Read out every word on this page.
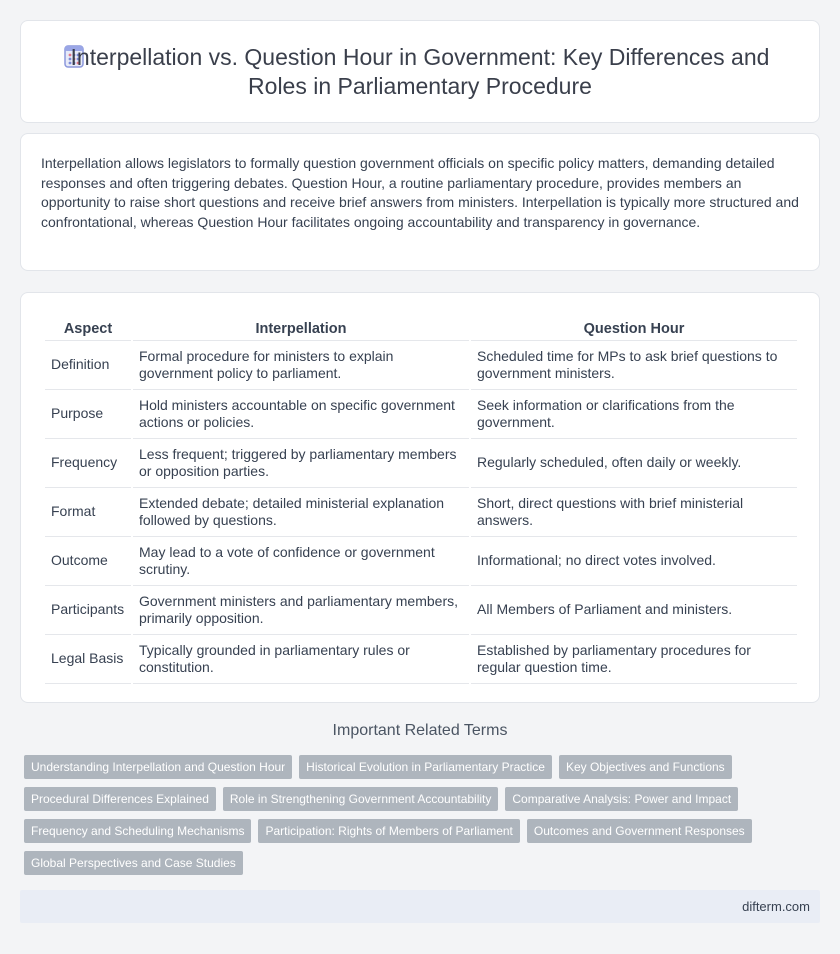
Interpellation vs. Question Hour in Government: Key Differences and Roles in Parliamentary Procedure

Interpellation allows legislators to formally question government officials on specific policy matters, demanding detailed responses and often triggering debates. Question Hour, a routine parliamentary procedure, provides members an opportunity to raise short questions and receive brief answers from ministers. Interpellation is typically more structured and confrontational, whereas Question Hour facilitates ongoing accountability and transparency in governance.

Aspect	Interpellation	Question Hour
Definition	Formal procedure for ministers to explain government policy to parliament.	Scheduled time for MPs to ask brief questions to government ministers.
Purpose	Hold ministers accountable on specific government actions or policies.	Seek information or clarifications from the government.
Frequency	Less frequent; triggered by parliamentary members or opposition parties.	Regularly scheduled, often daily or weekly.
Format	Extended debate; detailed ministerial explanation followed by questions.	Short, direct questions with brief ministerial answers.
Outcome	May lead to a vote of confidence or government scrutiny.	Informational; no direct votes involved.
Participants	Government ministers and parliamentary members, primarily opposition.	All Members of Parliament and ministers.
Legal Basis	Typically grounded in parliamentary rules or constitution.	Established by parliamentary procedures for regular question time.
Important Related Terms
Understanding Interpellation and Question Hour	Historical Evolution in Parliamentary Practice	Key Objectives and Functions
Procedural Differences Explained	Role in Strengthening Government Accountability	Comparative Analysis: Power and Impact
Frequency and Scheduling Mechanisms	Participation: Rights of Members of Parliament	Outcomes and Government Responses
Global Perspectives and Case Studies
difterm.com
